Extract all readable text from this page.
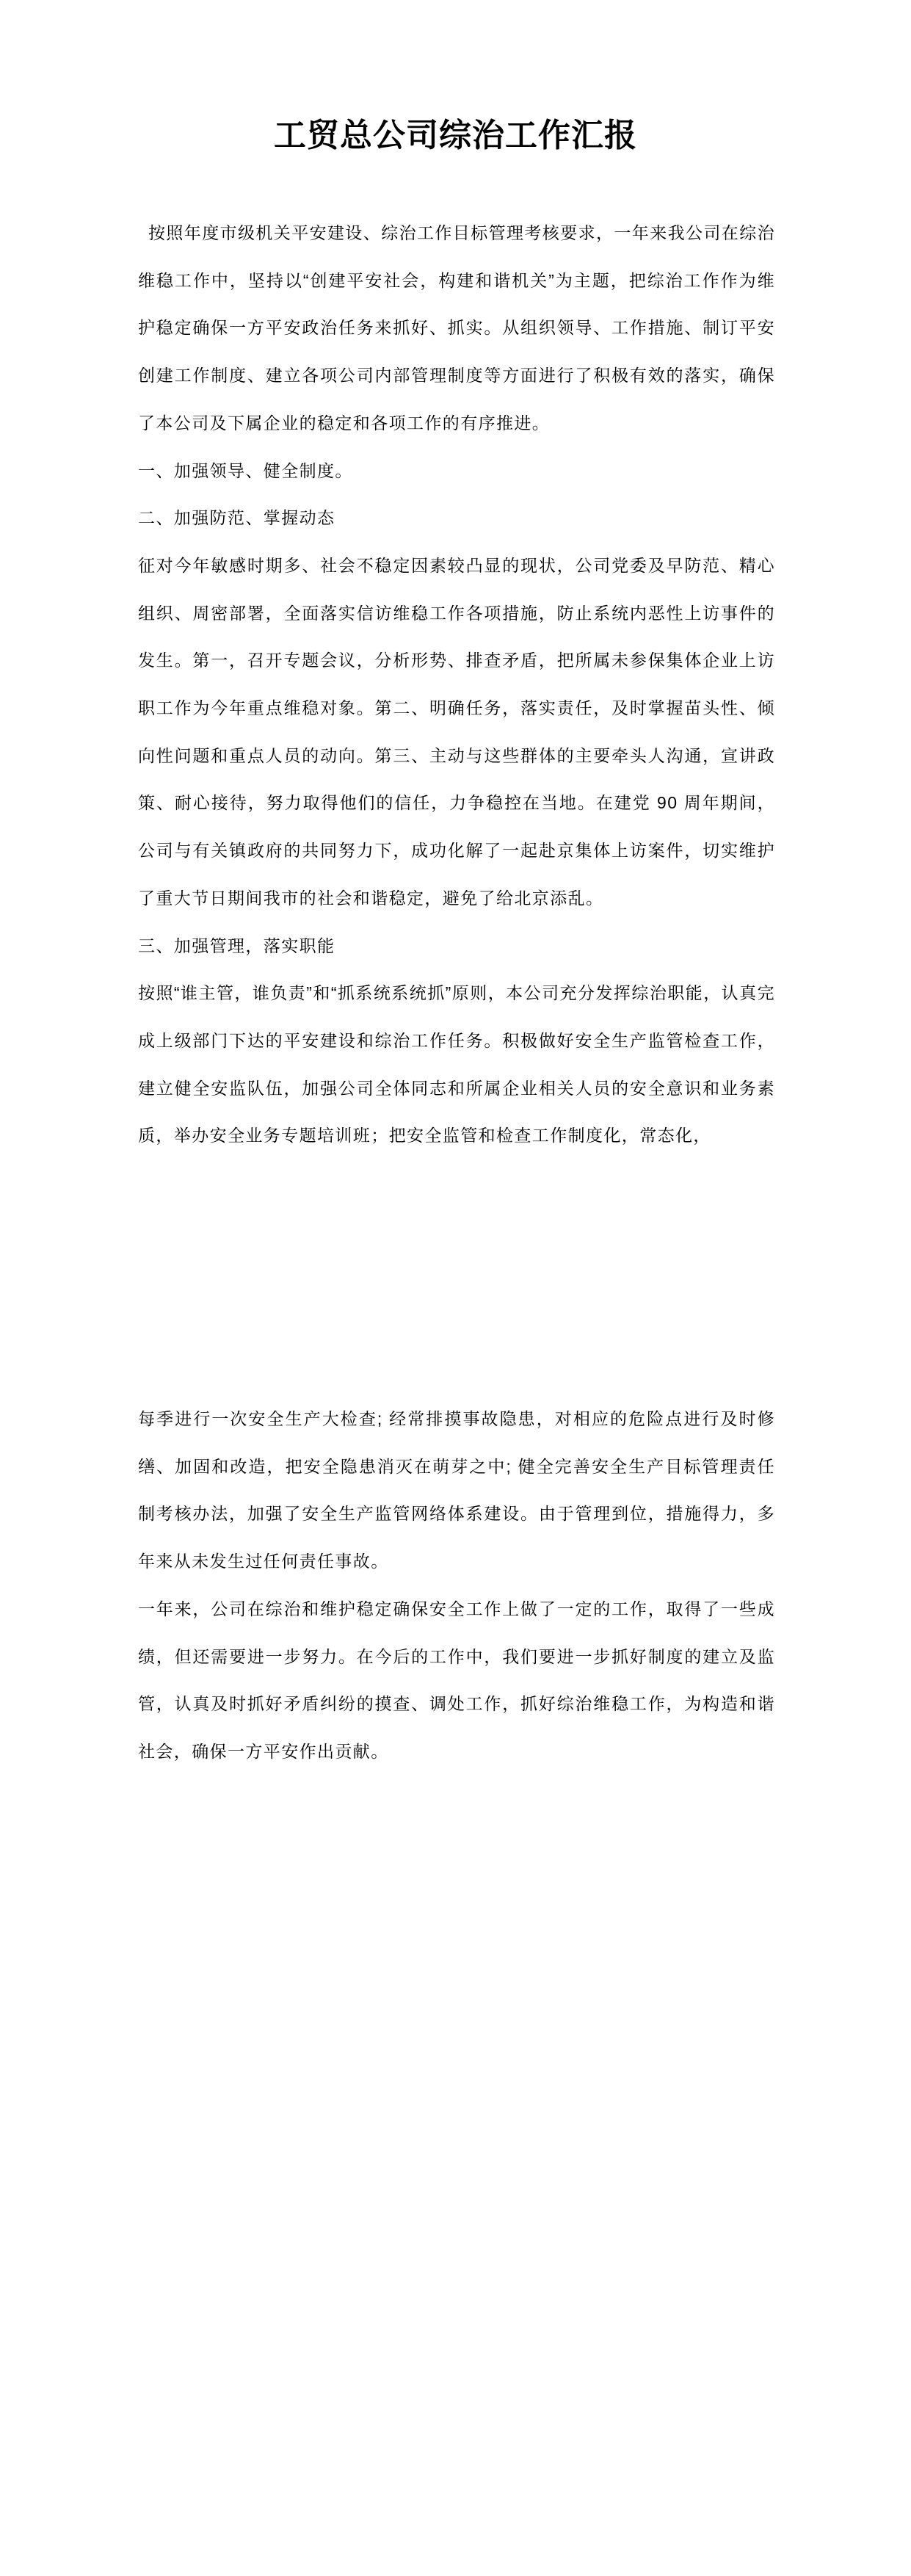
工贸总公司综治工作汇报

按照年度市级机关平安建设、综治工作目标管理考核要求，一年来我公司在综治维稳工作中，坚持以“创建平安社会，构建和谐机关”为主题，把综治工作作为维护稳定确保一方平安政治任务来抓好、抓实。从组织领导、工作措施、制订平安创建工作制度、建立各项公司内部管理制度等方面进行了积极有效的落实，确保了本公司及下属企业的稳定和各项工作的有序推进。

一、加强领导、健全制度。

二、加强防范、掌握动态

征对今年敏感时期多、社会不稳定因素较凸显的现状，公司党委及早防范、精心组织、周密部署，全面落实信访维稳工作各项措施，防止系统内恶性上访事件的发生。第一，召开专题会议，分析形势、排查矛盾，把所属未参保集体企业上访职工作为今年重点维稳对象。第二、明确任务，落实责任，及时掌握苗头性、倾向性问题和重点人员的动向。第三、主动与这些群体的主要牵头人沟通，宣讲政策、耐心接待，努力取得他们的信任，力争稳控在当地。在建党 90 周年期间，公司与有关镇政府的共同努力下，成功化解了一起赴京集体上访案件，切实维护了重大节日期间我市的社会和谐稳定，避免了给北京添乱。

三、加强管理，落实职能

按照“谁主管，谁负责”和“抓系统系统抓”原则，本公司充分发挥综治职能，认真完成上级部门下达的平安建设和综治工作任务。积极做好安全生产监管检查工作，建立健全安监队伍，加强公司全体同志和所属企业相关人员的安全意识和业务素质，举办安全业务专题培训班；把安全监管和检查工作制度化，常态化，

每季进行一次安全生产大检查; 经常排摸事故隐患，对相应的危险点进行及时修缮、加固和改造，把安全隐患消灭在萌芽之中; 健全完善安全生产目标管理责任制考核办法，加强了安全生产监管网络体系建设。由于管理到位，措施得力，多年来从未发生过任何责任事故。

一年来，公司在综治和维护稳定确保安全工作上做了一定的工作，取得了一些成绩，但还需要进一步努力。在今后的工作中，我们要进一步抓好制度的建立及监管，认真及时抓好矛盾纠纷的摸查、调处工作，抓好综治维稳工作，为构造和谐社会，确保一方平安作出贡献。
